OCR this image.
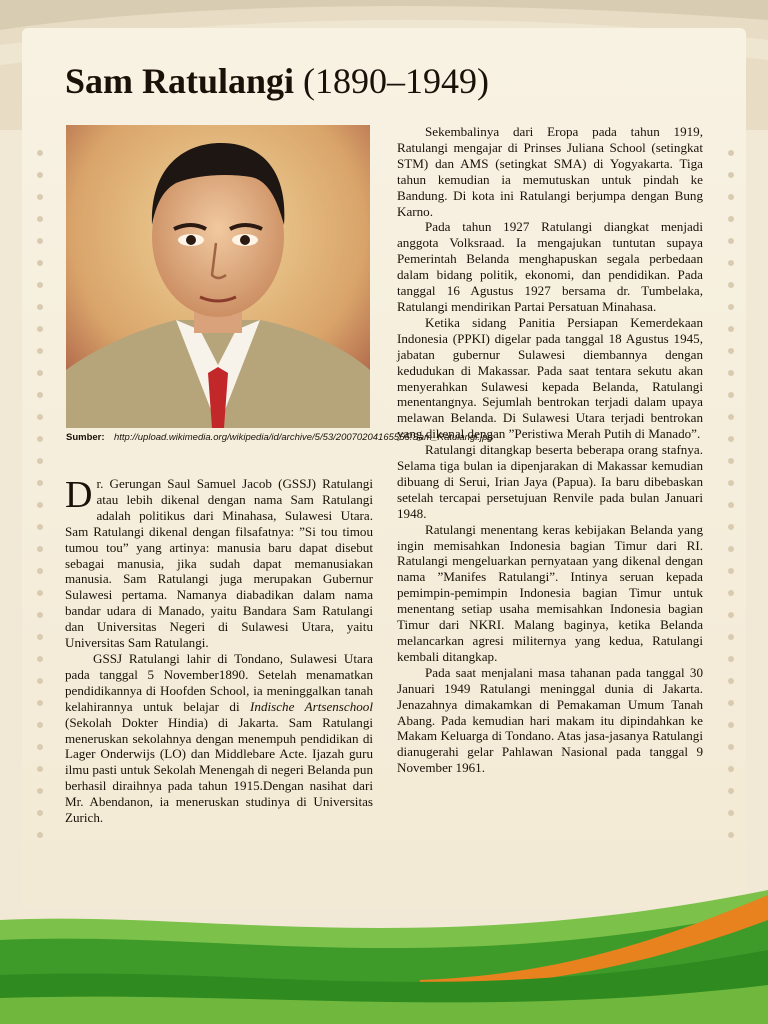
Sam Ratulangi (1890–1949)
Sumber: http://upload.wikimedia.org/wikipedia/id/archive/5/53/20070204165555!Sam_Ratulangi.jpg

Dr. Gerungan Saul Samuel Jacob (GSSJ) Ratulangi atau lebih dikenal dengan nama Sam Ratulangi adalah politikus dari Minahasa, Sulawesi Utara. Sam Ratulangi dikenal dengan filsafatnya: ”Si tou timou tumou tou” yang artinya: manusia baru dapat disebut sebagai manusia, jika sudah dapat memanusiakan manusia. Sam Ratulangi juga merupakan Gubernur Sulawesi pertama. Namanya diabadikan dalam nama bandar udara di Manado, yaitu Bandara Sam Ratulangi dan Universitas Negeri di Sulawesi Utara, yaitu Universitas Sam Ratulangi.

GSSJ Ratulangi lahir di Tondano, Sulawesi Utara pada tanggal 5 November1890. Setelah menamatkan pendidikannya di Hoofden School, ia meninggalkan tanah kelahirannya untuk belajar di Indische Artsenschool (Sekolah Dokter Hindia) di Jakarta. Sam Ratulangi meneruskan sekolahnya dengan menempuh pendidikan di Lager Onderwijs (LO) dan Middlebare Acte. Ijazah guru ilmu pasti untuk Sekolah Menengah di negeri Belanda pun berhasil diraihnya pada tahun 1915.Dengan nasihat dari Mr. Abendanon, ia meneruskan studinya di Universitas Zurich.

Sekembalinya dari Eropa pada tahun 1919, Ratulangi mengajar di Prinses Juliana School (setingkat STM) dan AMS (setingkat SMA) di Yogyakarta. Tiga tahun kemudian ia memutuskan untuk pindah ke Bandung. Di kota ini Ratulangi berjumpa dengan Bung Karno.

Pada tahun 1927 Ratulangi diangkat menjadi anggota Volksraad. Ia mengajukan tuntutan supaya Pemerintah Belanda menghapuskan segala perbedaan dalam bidang politik, ekonomi, dan pendidikan. Pada tanggal 16 Agustus 1927 bersama dr. Tumbelaka, Ratulangi mendirikan Partai Persatuan Minahasa.

Ketika sidang Panitia Persiapan Kemerdekaan Indonesia (PPKI) digelar pada tanggal 18 Agustus 1945, jabatan gubernur Sulawesi diembannya dengan kedudukan di Makassar. Pada saat tentara sekutu akan menyerahkan Sulawesi kepada Belanda, Ratulangi menentangnya. Sejumlah bentrokan terjadi dalam upaya melawan Belanda. Di Sulawesi Utara terjadi bentrokan yang dikenal dengan ”Peristiwa Merah Putih di Manado”.

Ratulangi ditangkap beserta beberapa orang stafnya. Selama tiga bulan ia dipenjarakan di Makassar kemudian dibuang di Serui, Irian Jaya (Papua). Ia baru dibebaskan setelah tercapai persetujuan Renvile pada bulan Januari 1948.

Ratulangi menentang keras kebijakan Belanda yang ingin memisahkan Indonesia bagian Timur dari RI. Ratulangi mengeluarkan pernyataan yang dikenal dengan nama ”Manifes Ratulangi”. Intinya seruan kepada pemimpin-pemimpin Indonesia bagian Timur untuk menentang setiap usaha memisahkan Indonesia bagian Timur dari NKRI. Malang baginya, ketika Belanda melancarkan agresi militernya yang kedua, Ratulangi kembali ditangkap.

Pada saat menjalani masa tahanan pada tanggal 30 Januari 1949 Ratulangi meninggal dunia di Jakarta. Jenazahnya dimakamkan di Pemakaman Umum Tanah Abang. Pada kemudian hari makam itu dipindahkan ke Makam Keluarga di Tondano. Atas jasa-jasanya Ratulangi dianugerahi gelar Pahlawan Nasional pada tanggal 9 November 1961.
